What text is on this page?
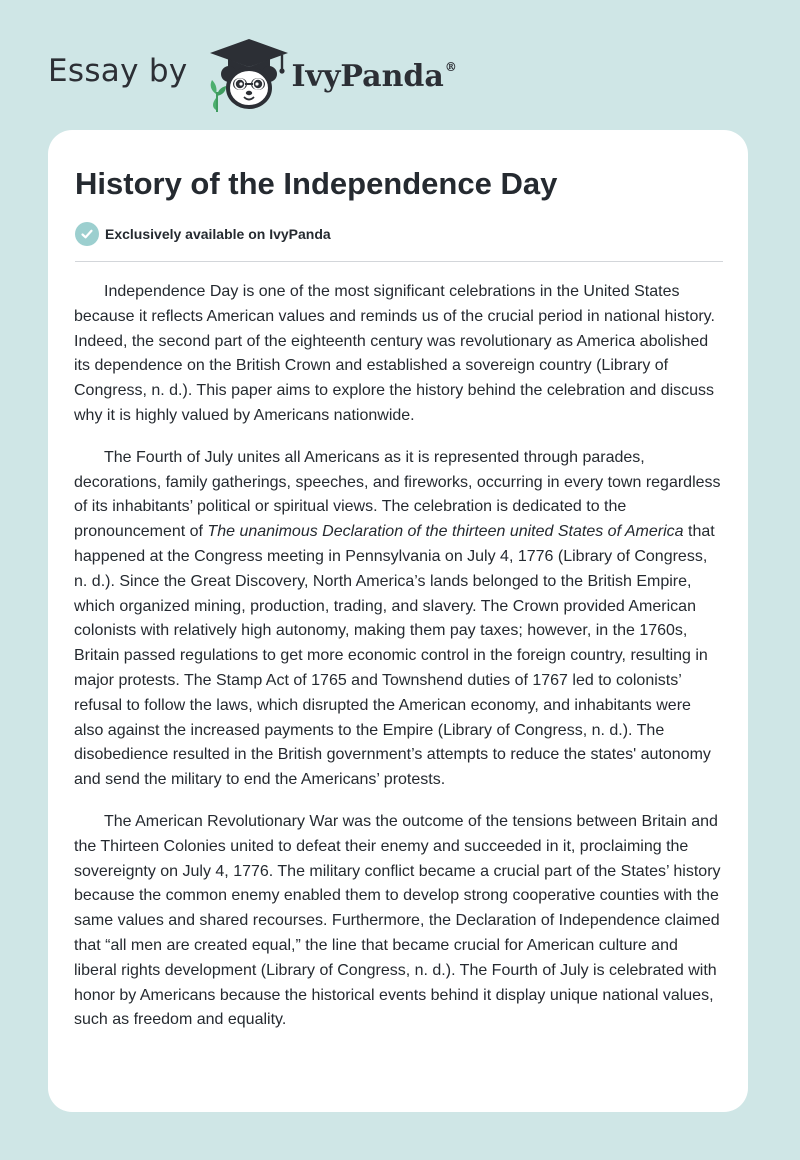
Essay by	IvyPanda®
History of the Independence Day
Exclusively available on IvyPanda

Independence Day is one of the most significant celebrations in the United States because it reflects American values and reminds us of the crucial period in national history. Indeed, the second part of the eighteenth century was revolutionary as America abolished its dependence on the British Crown and established a sovereign country (Library of Congress, n. d.). This paper aims to explore the history behind the celebration and discuss why it is highly valued by Americans nationwide.

The Fourth of July unites all Americans as it is represented through parades, decorations, family gatherings, speeches, and fireworks, occurring in every town regardless of its inhabitants’ political or spiritual views. The celebration is dedicated to the pronouncement of The unanimous Declaration of the thirteen united States of America that happened at the Congress meeting in Pennsylvania on July 4, 1776 (Library of Congress, n. d.). Since the Great Discovery, North America’s lands belonged to the British Empire, which organized mining, production, trading, and slavery. The Crown provided American colonists with relatively high autonomy, making them pay taxes; however, in the 1760s, Britain passed regulations to get more economic control in the foreign country, resulting in major protests. The Stamp Act of 1765 and Townshend duties of 1767 led to colonists’ refusal to follow the laws, which disrupted the American economy, and inhabitants were also against the increased payments to the Empire (Library of Congress, n. d.). The disobedience resulted in the British government’s attempts to reduce the states' autonomy and send the military to end the Americans’ protests.

The American Revolutionary War was the outcome of the tensions between Britain and the Thirteen Colonies united to defeat their enemy and succeeded in it, proclaiming the sovereignty on July 4, 1776. The military conflict became a crucial part of the States’ history because the common enemy enabled them to develop strong cooperative counties with the same values and shared recourses. Furthermore, the Declaration of Independence claimed that “all men are created equal,” the line that became crucial for American culture and liberal rights development (Library of Congress, n. d.). The Fourth of July is celebrated with honor by Americans because the historical events behind it display unique national values, such as freedom and equality.
